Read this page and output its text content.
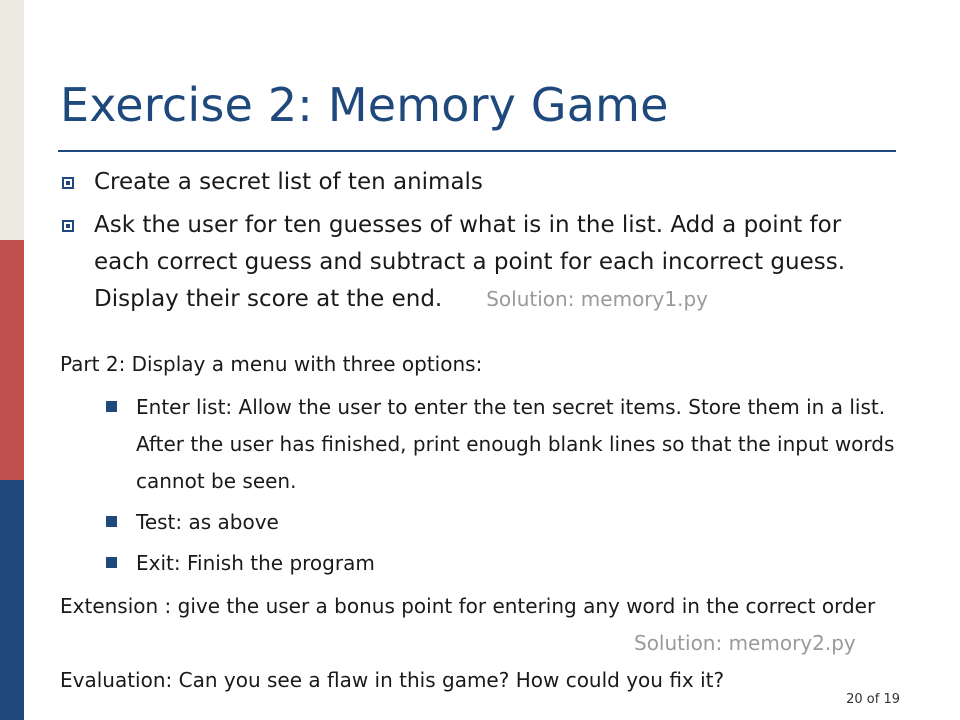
Exercise 2: Memory Game
Create a secret list of ten animals
Ask the user for ten guesses of what is in the list. Add a point for each correct guess and subtract a point for each incorrect guess. Display their score at the end. Solution: memory1.py
Part 2: Display a menu with three options:
Enter list: Allow the user to enter the ten secret items. Store them in a list. After the user has finished, print enough blank lines so that the input words cannot be seen.
Test: as above
Exit: Finish the program
Extension : give the user a bonus point for entering any word in the correct order
Solution: memory2.py
Evaluation: Can you see a flaw in this game? How could you fix it?
20 of 19
